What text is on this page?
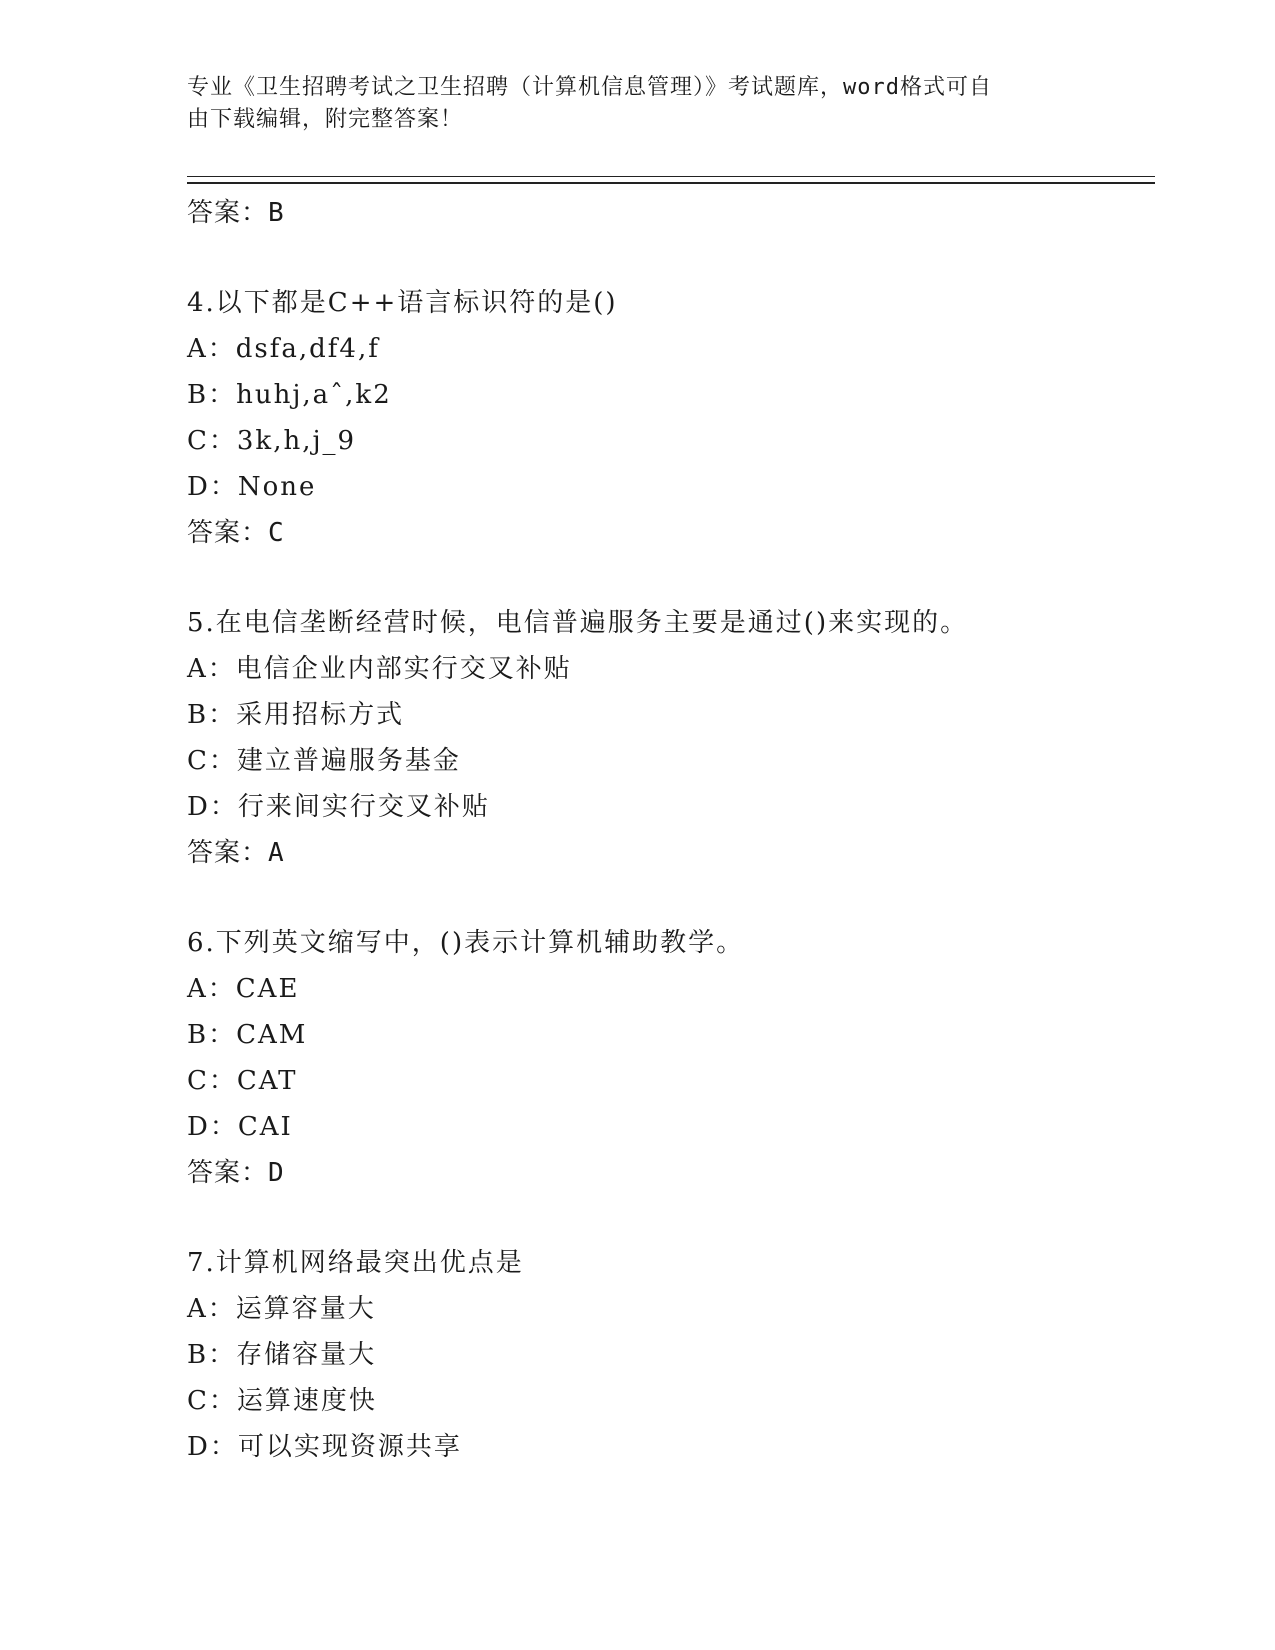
专业《卫生招聘考试之卫生招聘（计算机信息管理）》考试题库，word格式可自
由下载编辑，附完整答案！
答案：B
4.以下都是C++语言标识符的是()
A：dsfa,df4,f
B：huhj,aˆ,k2
C：3k,h,j_9
D：None
答案：C
5.在电信垄断经营时候，电信普遍服务主要是通过()来实现的。
A：电信企业内部实行交叉补贴
B：采用招标方式
C：建立普遍服务基金
D：行来间实行交叉补贴
答案：A
6.下列英文缩写中，()表示计算机辅助教学。
A：CAE
B：CAM
C：CAT
D：CAI
答案：D
7.计算机网络最突出优点是
A：运算容量大
B：存储容量大
C：运算速度快
D：可以实现资源共享
